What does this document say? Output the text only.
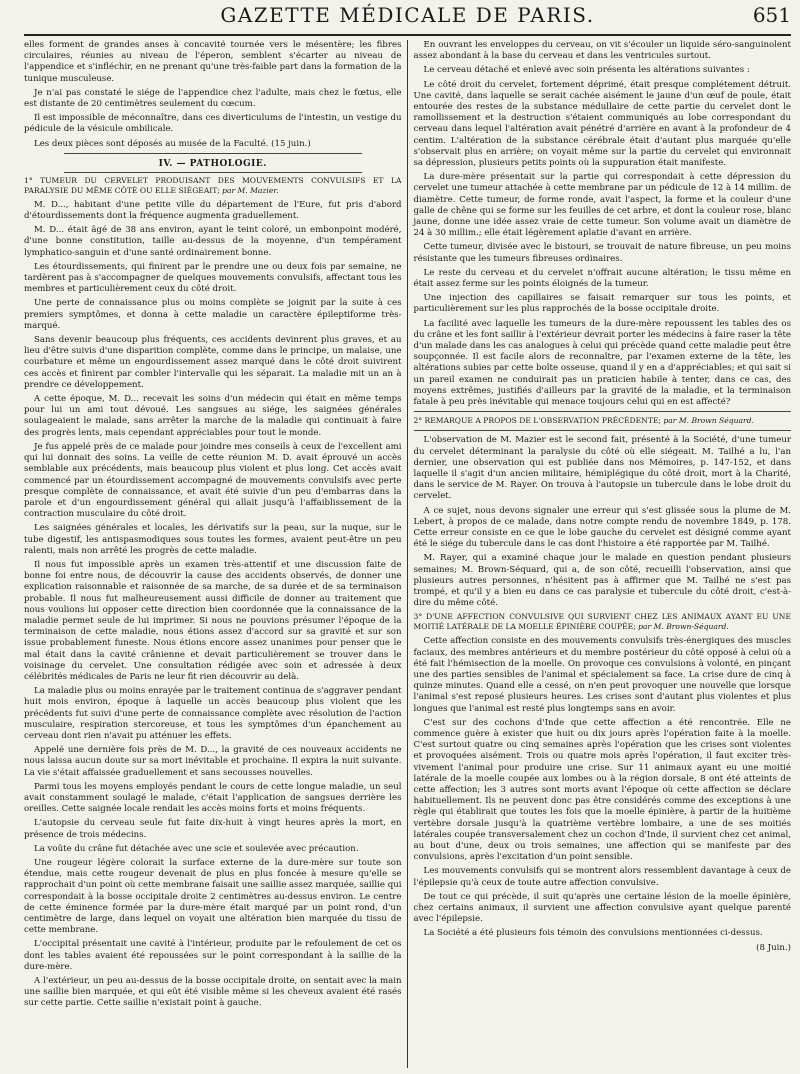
GAZETTE MÉDICALE DE PARIS.	651

elles forment de grandes anses à concavité tournée vers le mésentère; les fibres circulaires, réunies au niveau de l'éperon, semblent s'écarter au niveau de l'appendice et s'infléchir, en ne prenant qu'une très-faible part dans la formation de la tunique musculeuse.

Je n'ai pas constaté le siége de l'appendice chez l'adulte, mais chez le fœtus, elle est distante de 20 centimètres seulement du cœcum.

Il est impossible de méconnaître, dans ces diverticulums de l'intestin, un vestige du pédicule de la vésicule ombilicale.

Les deux pièces sont déposés au musée de la Faculté. (15 juin.)

IV. — PATHOLOGIE.

1° TUMEUR DU CERVELET PRODUISANT DES MOUVEMENTS CONVULSIFS ET LA PARALYSIE DU MÊME CÔTÉ OU ELLE SIÉGEAIT; par M. Mazier.

M. D..., habitant d'une petite ville du département de l'Eure, fut pris d'abord d'étourdissements dont la fréquence augmenta graduellement.

M. D... était âgé de 38 ans environ, ayant le teint coloré, un embonpoint modéré, d'une bonne constitution, taille au-dessus de la moyenne, d'un tempérament lymphatico-sanguin et d'une santé ordinairement bonne.

Les étourdissements, qui finirent par le prendre une ou deux fois par semaine, ne tardèrent pas à s'accompagner de quelques mouvements convulsifs, affectant tous les membres et particulièrement ceux du côté droit.

Une perte de connaissance plus ou moins complète se joignit par la suite à ces premiers symptômes, et donna à cette maladie un caractère épileptiforme très-marqué.

Sans devenir beaucoup plus fréquents, ces accidents devinrent plus graves, et au lieu d'être suivis d'une disparition complète, comme dans le principe, un malaise, une courbature et même un engourdissement assez marqué dans le côté droit suivirent ces accès et finirent par combler l'intervalle qui les séparait. La maladie mit un an à prendre ce développement.

A cette époque, M. D... recevait les soins d'un médecin qui était en même temps pour lui un ami tout dévoué. Les sangsues au siége, les saignées générales soulageaient le malade, sans arrêter la marche de la maladie qui continuait à faire des progrès lents, mais cependant appréciables pour tout le monde.

Je fus appelé près de ce malade pour joindre mes conseils à ceux de l'excellent ami qui lui donnait des soins. La veille de cette réunion M. D. avait éprouvé un accès semblable aux précédents, mais beaucoup plus violent et plus long. Cet accès avait commencé par un étourdissement accompagné de mouvements convulsifs avec perte presque complète de connaissance, et avait été suivie d'un peu d'embarras dans la parole et d'un engourdissement général qui allait jusqu'à l'affaiblissement de la contraction musculaire du côté droit.

Les saignées générales et locales, les dérivatifs sur la peau, sur la nuque, sur le tube digestif, les antispasmodiques sous toutes les formes, avaient peut-être un peu ralenti, mais non arrêté les progrès de cette maladie.

Il nous fut impossible après un examen très-attentif et une discussion faite de bonne foi entre nous, de découvrir la cause des accidents observés, de donner une explication raisonnable et raisonnée de sa marche, de sa durée et de sa terminaison probable. Il nous fut malheureusement aussi difficile de donner au traitement que nous voulions lui opposer cette direction bien coordonnée que la connaissance de la maladie permet seule de lui imprimer. Si nous ne pouvions présumer l'époque de la terminaison de cette maladie, nous étions assez d'accord sur sa gravité et sur son issue probablement funeste. Nous étions encore assez unanimes pour penser que le mal était dans la cavité crânienne et devait particulièrement se trouver dans le voisinage du cervelet. Une consultation rédigée avec soin et adressée à deux célébrités médicales de Paris ne leur fit rien découvrir au delà.

La maladie plus ou moins enrayée par le traitement continua de s'aggraver pendant huit mois environ, époque à laquelle un accès beaucoup plus violent que les précédents fut suivi d'une perte de connaissance complète avec résolution de l'action musculaire, respiration stercoreuse, et tous les symptômes d'un épanchement au cerveau dont rien n'avait pu atténuer les effets.

Appelé une dernière fois près de M. D..., la gravité de ces nouveaux accidents ne nous laissa aucun doute sur sa mort inévitable et prochaine. Il expira la nuit suivante. La vie s'était affaissée graduellement et sans secousses nouvelles.

Parmi tous les moyens employés pendant le cours de cette longue maladie, un seul avait constamment soulagé le malade, c'était l'application de sangsues derrière les oreilles. Cette saignée locale rendait les accès moins forts et moins fréquents.

L'autopsie du cerveau seule fut faite dix-huit à vingt heures après la mort, en présence de trois médecins.

La voûte du crâne fut détachée avec une scie et soulevée avec précaution.

Une rougeur légère colorait la surface externe de la dure-mère sur toute son étendue, mais cette rougeur devenait de plus en plus foncée à mesure qu'elle se rapprochait d'un point où cette membrane faisait une saillie assez marquée, saillie qui correspondait à la bosse occipitale droite 2 centimètres au-dessus environ. Le centre de cette éminence formée par la dure-mère était marqué par un point rond, d'un centimètre de large, dans lequel on voyait une altération bien marquée du tissu de cette membrane.

L'occipital présentait une cavité à l'intérieur, produite par le refoulement de cet os dont les tables avaient été repoussées sur le point correspondant à la saillie de la dure-mère.

A l'extérieur, un peu au-dessus de la bosse occipitale droite, on sentait avec la main une saillie bien marquée, et qui eût été visible même si les cheveux avaient été rasés sur cette partie. Cette saillie n'existait point à gauche.

En ouvrant les enveloppes du cerveau, on vit s'écouler un liquide séro-sanguinolent assez abondant à la base du cerveau et dans les ventricules surtout.

Le cerveau détaché et enlevé avec soin présenta les altérations suivantes :

Le côté droit du cervelet, fortement déprimé, était presque complétement détruit. Une cavité, dans laquelle se serait cachée aisément le jaune d'un œuf de poule, était entourée des restes de la substance médullaire de cette partie du cervelet dont le ramollissement et la destruction s'étaient communiqués au lobe correspondant du cerveau dans lequel l'altération avait pénétré d'arrière en avant à la profondeur de 4 centim. L'altération de la substance cérébrale était d'autant plus marquée qu'elle s'observait plus en arrière; on voyait même sur la partie du cervelet qui environnait sa dépression, plusieurs petits points où la suppuration était manifeste.

La dure-mère présentait sur la partie qui correspondait à cette dépression du cervelet une tumeur attachée à cette membrane par un pédicule de 12 à 14 millim. de diamètre. Cette tumeur, de forme ronde, avait l'aspect, la forme et la couleur d'une galle de chêne qui se forme sur les feuilles de cet arbre, et dont la couleur rose, blanc jaune, donne une idée assez vraie de cette tumeur. Son volume avait un diamètre de 24 à 30 millim.; elle était légèrement aplatie d'avant en arrière.

Cette tumeur, divisée avec le bistouri, se trouvait de nature fibreuse, un peu moins résistante que les tumeurs fibreuses ordinaires.

Le reste du cerveau et du cervelet n'offrait aucune altération; le tissu même en était assez ferme sur les points éloignés de la tumeur.

Une injection des capillaires se faisait remarquer sur tous les points, et particulièrement sur les plus rapprochés de la bosse occipitale droite.

La facilité avec laquelle les tumeurs de la dure-mère repoussent les tables des os du crâne et les font saillir à l'extérieur devrait porter les médecins à faire raser la tête d'un malade dans les cas analogues à celui qui précède quand cette maladie peut être soupçonnée. Il est facile alors de reconnaître, par l'examen externe de la tête, les altérations subies par cette boîte osseuse, quand il y en a d'appréciables; et qui sait si un pareil examen ne conduirait pas un praticien habile à tenter, dans ce cas, des moyens extrêmes, justifiés d'ailleurs par la gravité de la maladie, et la terminaison fatale à peu près inévitable qui menace toujours celui qui en est affecté?

2° REMARQUE A PROPOS DE L'OBSERVATION PRÉCÉDENTE; par M. Brown Séquard.

L'observation de M. Mazier est le second fait, présenté à la Société, d'une tumeur du cervelet déterminant la paralysie du côté où elle siégeait. M. Tailhé a lu, l'an dernier, une observation qui est publiée dans nos Mémoires, p. 147-152, et dans laquelle il s'agit d'un ancien militaire, hémiplégique du côté droit, mort à la Charité, dans le service de M. Rayer. On trouva à l'autopsie un tubercule dans le lobe droit du cervelet.

A ce sujet, nous devons signaler une erreur qui s'est glissée sous la plume de M. Lebert, à propos de ce malade, dans notre compte rendu de novembre 1849, p. 178. Cette erreur consiste en ce que le lobe gauche du cervelet est désigné comme ayant été le siége du tubercule dans le cas dont l'histoire a été rapportée par M. Tailhé.

M. Rayer, qui a examiné chaque jour le malade en question pendant plusieurs semaines; M. Brown-Séquard, qui a, de son côté, recueilli l'observation, ainsi que plusieurs autres personnes, n'hésitent pas à affirmer que M. Tailhé ne s'est pas trompé, et qu'il y a bien eu dans ce cas paralysie et tubercule du côté droit, c'est-à-dire du même côté.

3° D'UNE AFFECTION CONVULSIVE QUI SURVIENT CHEZ LES ANIMAUX AYANT EU UNE MOITIÉ LATÉRALE DE LA MOELLE ÉPINIÈRE COUPÉE; par M. Brown-Séquard.

Cette affection consiste en des mouvements convulsifs très-énergiques des muscles faciaux, des membres antérieurs et du membre postérieur du côté opposé à celui où a été fait l'hémisection de la moelle. On provoque ces convulsions à volonté, en pinçant une des parties sensibles de l'animal et spécialement sa face. La crise dure de cinq à quinze minutes. Quand elle a cessé, on n'en peut provoquer une nouvelle que lorsque l'animal s'est reposé plusieurs heures. Les crises sont d'autant plus violentes et plus longues que l'animal est resté plus longtemps sans en avoir.

C'est sur des cochons d'Inde que cette affection a été rencontrée. Elle ne commence guère à exister que huit ou dix jours après l'opération faite à la moelle. C'est surtout quatre ou cinq semaines après l'opération que les crises sont violentes et provoquées aisément. Trois ou quatre mois après l'opération, il faut exciter très-vivement l'animal pour produire une crise. Sur 11 animaux ayant eu une moitié latérale de la moelle coupée aux lombes ou à la région dorsale, 8 ont été atteints de cette affection; les 3 autres sont morts avant l'époque où cette affection se déclare habituellement. Ils ne peuvent donc pas être considérés comme des exceptions à une règle qui établirait que toutes les fois que la moelle épinière, à partir de la huitième vertèbre dorsale jusqu'à la quatrième vertèbre lombaire, a une de ses moitiés latérales coupée transversalement chez un cochon d'Inde, il survient chez cet animal, au bout d'une, deux ou trois semaines, une affection qui se manifeste par des convulsions, après l'excitation d'un point sensible.

Les mouvements convulsifs qui se montrent alors ressemblent davantage à ceux de l'épilepsie qu'à ceux de toute autre affection convulsive.

De tout ce qui précède, il suit qu'après une certaine lésion de la moelle épinière, chez certains animaux, il survient une affection convulsive ayant quelque parenté avec l'épilepsie.

La Société a été plusieurs fois témoin des convulsions mentionnées ci-dessus.

(8 Juin.)
